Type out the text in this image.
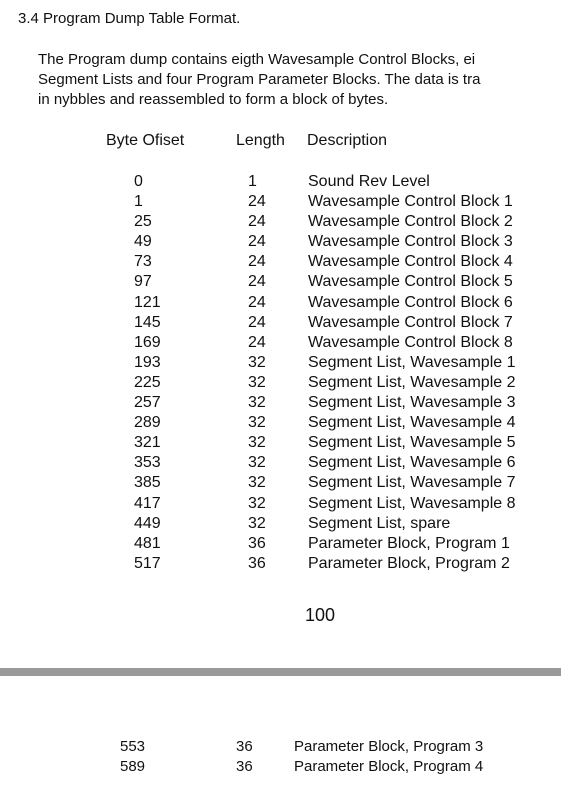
3.4 Program Dump Table Format.
The Program dump contains eigth Wavesample Control Blocks, ei
Segment Lists and four Program Parameter Blocks. The data is tra
in nybbles and reassembled to form a block of bytes.
Byte Ofiset	Length Description
0	1	Sound Rev Level
1	24	Wavesample Control Block 1
25	24	Wavesample Control Block 2
49	24	Wavesample Control Block 3
73	24	Wavesample Control Block 4
97	24	Wavesample Control Block 5
121	24	Wavesample Control Block 6
145	24	Wavesample Control Block 7
169	24	Wavesample Control Block 8
193	32	Segment List, Wavesample 1
225	32	Segment List, Wavesample 2
257	32	Segment List, Wavesample 3
289	32	Segment List, Wavesample 4
321	32	Segment List, Wavesample 5
353	32	Segment List, Wavesample 6
385	32	Segment List, Wavesample 7
417	32	Segment List, Wavesample 8
449	32	Segment List, spare
481	36	Parameter Block, Program 1
517	36	Parameter Block, Program 2
100
553	36	Parameter Block, Program 3
589	36	Parameter Block, Program 4
